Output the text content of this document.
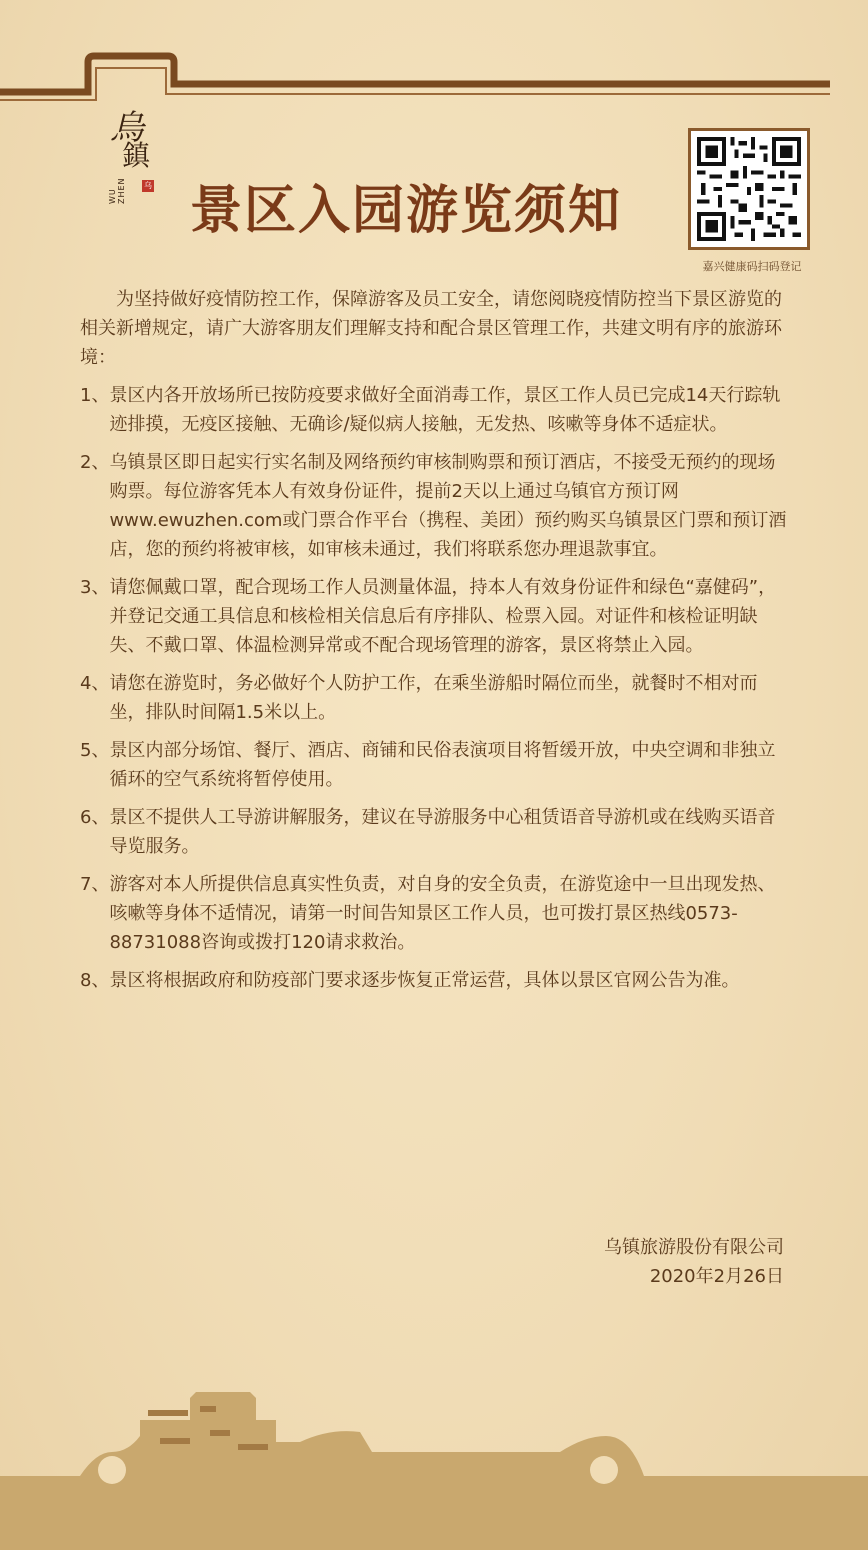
烏
鎮
WU ZHEN 乌 景区入园游览须知
嘉兴健康码扫码登记

为坚持做好疫情防控工作，保障游客及员工安全，请您阅晓疫情防控当下景区游览的相关新增规定，请广大游客朋友们理解支持和配合景区管理工作，共建文明有序的旅游环境：

1、 景区内各开放场所已按防疫要求做好全面消毒工作，景区工作人员已完成14天行踪轨迹排摸，无疫区接触、无确诊/疑似病人接触，无发热、咳嗽等身体不适症状。
2、 乌镇景区即日起实行实名制及网络预约审核制购票和预订酒店，不接受无预约的现场购票。每位游客凭本人有效身份证件，提前2天以上通过乌镇官方预订网www.ewuzhen.com或门票合作平台（携程、美团）预约购买乌镇景区门票和预订酒店，您的预约将被审核，如审核未通过，我们将联系您办理退款事宜。
3、 请您佩戴口罩，配合现场工作人员测量体温，持本人有效身份证件和绿色“嘉健码”，并登记交通工具信息和核检相关信息后有序排队、检票入园。对证件和核检证明缺失、不戴口罩、体温检测异常或不配合现场管理的游客，景区将禁止入园。
4、 请您在游览时，务必做好个人防护工作，在乘坐游船时隔位而坐，就餐时不相对而坐，排队时间隔1.5米以上。
5、 景区内部分场馆、餐厅、酒店、商铺和民俗表演项目将暂缓开放，中央空调和非独立循环的空气系统将暂停使用。
6、 景区不提供人工导游讲解服务，建议在导游服务中心租赁语音导游机或在线购买语音导览服务。
7、 游客对本人所提供信息真实性负责，对自身的安全负责，在游览途中一旦出现发热、咳嗽等身体不适情况，请第一时间告知景区工作人员，也可拨打景区热线0573-88731088咨询或拨打120请求救治。
8、 景区将根据政府和防疫部门要求逐步恢复正常运营，具体以景区官网公告为准。
乌镇旅游股份有限公司
2020年2月26日
